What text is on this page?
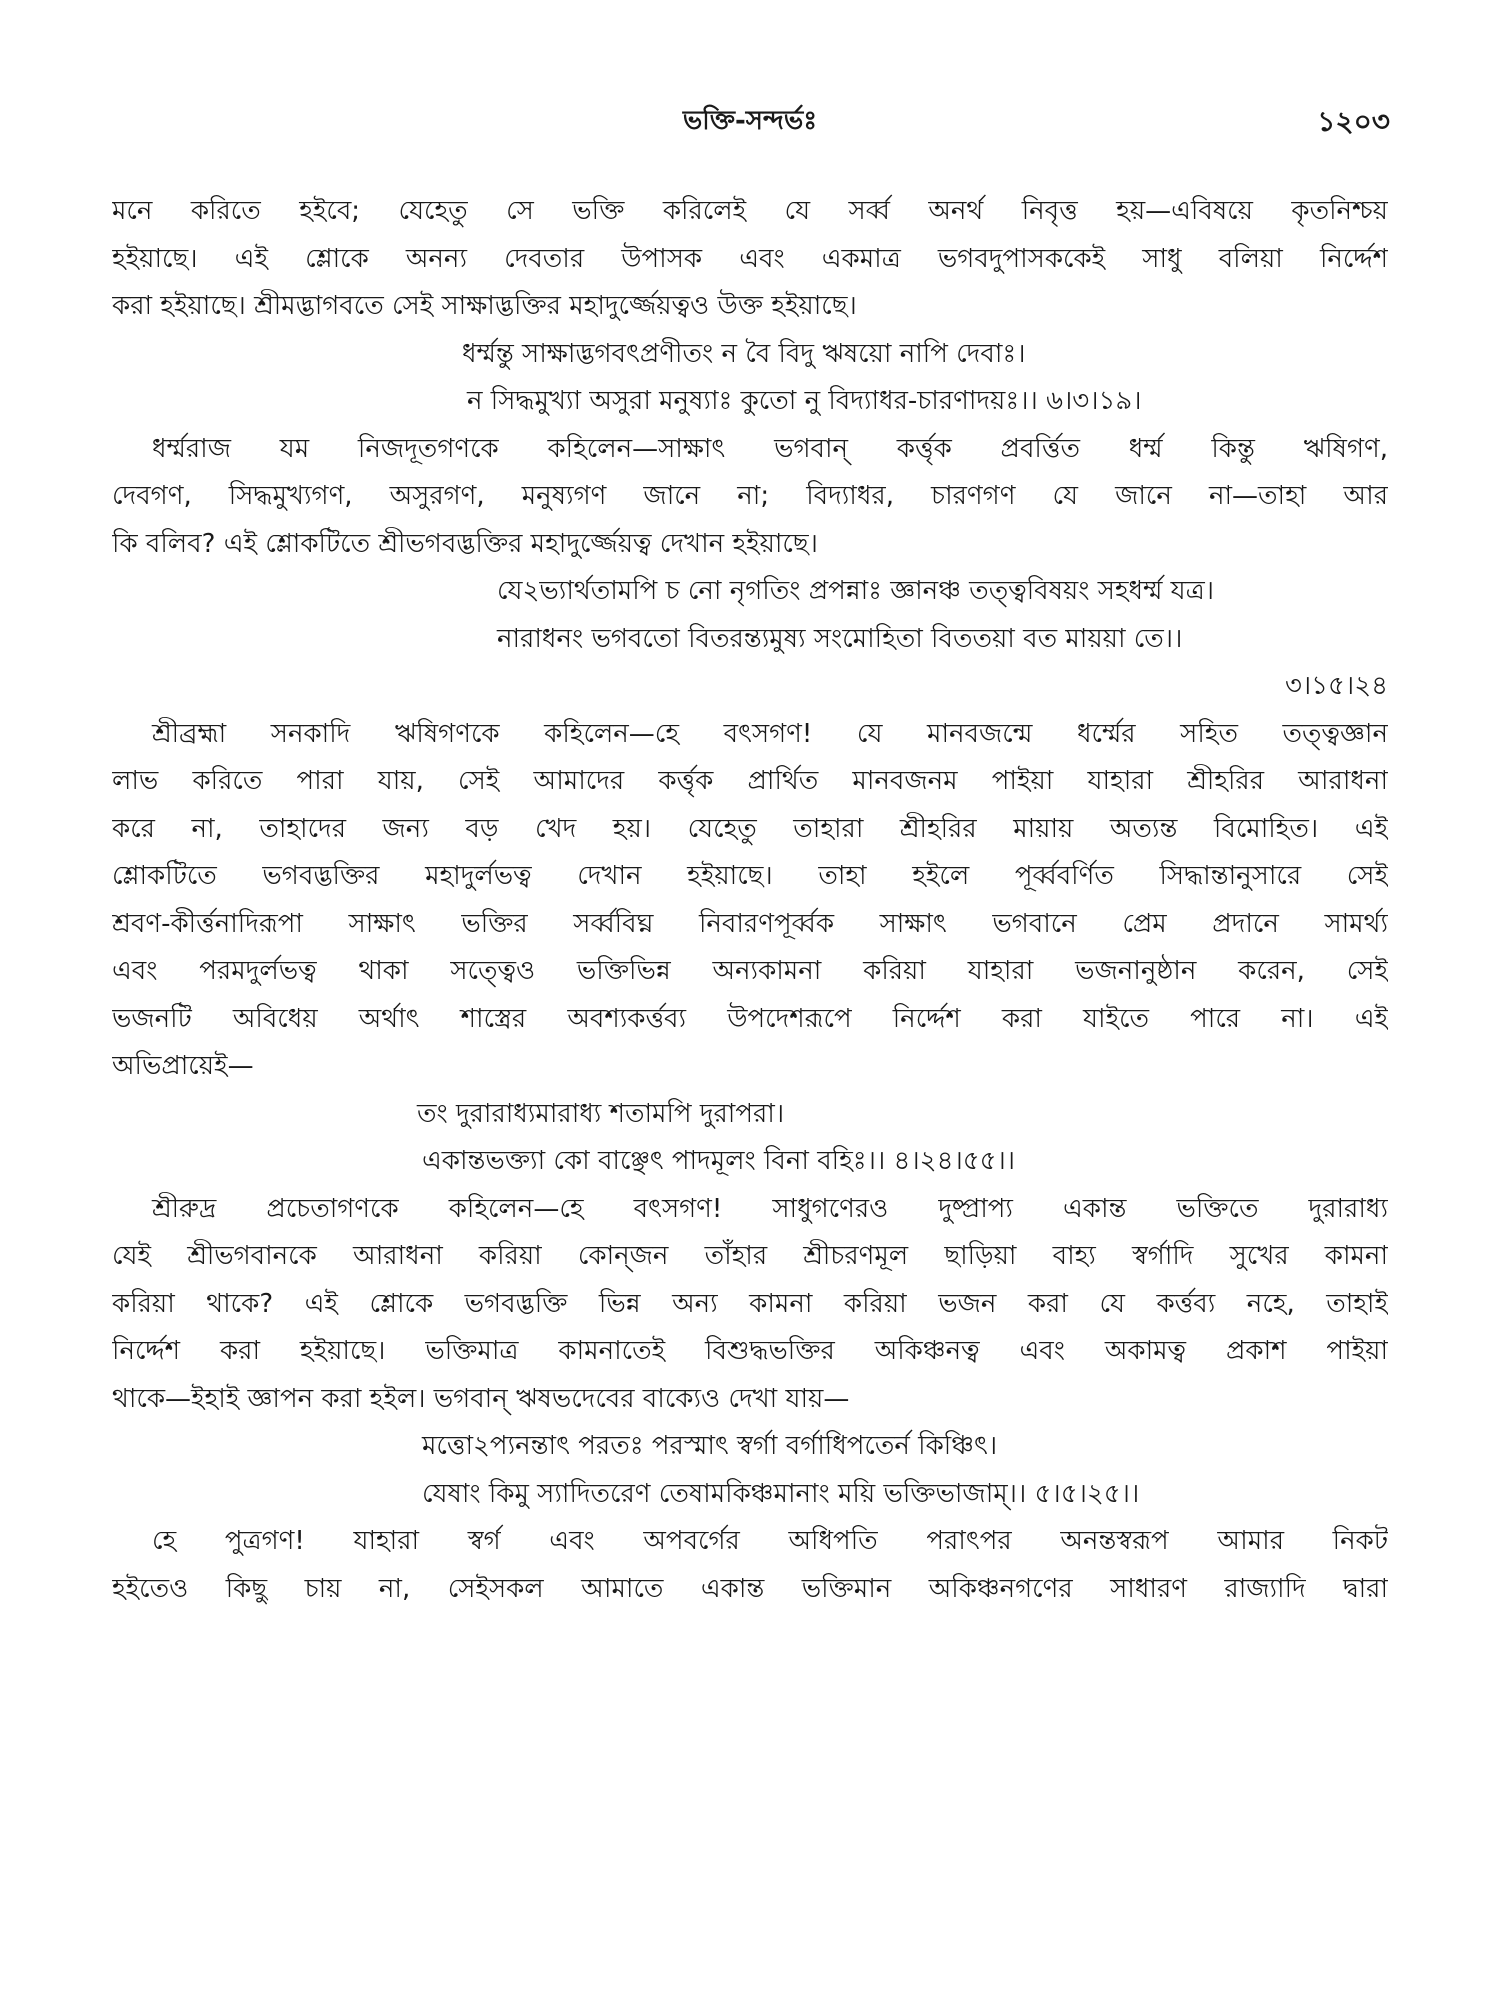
ভক্তি-সন্দর্ভঃ	১২০৩
মনে করিতে হইবে; যেহেতু সে ভক্তি করিলেই যে সর্ব্ব অনর্থ নিবৃত্ত হয়—এবিষয়ে কৃতনিশ্চয়
হইয়াছে। এই শ্লোকে অনন্য দেবতার উপাসক এবং একমাত্র ভগবদুপাসককেই সাধু বলিয়া নির্দ্দেশ
করা হইয়াছে। শ্রীমদ্ভাগবতে সেই সাক্ষাদ্ভক্তির মহাদুর্জ্জেয়ত্বও উক্ত হইয়াছে।
ধর্ম্মন্তু সাক্ষাদ্ভগবৎপ্রণীতং ন বৈ বিদু ঋষয়ো নাপি দেবাঃ।
ন সিদ্ধমুখ্যা অসুরা মনুষ্যাঃ কুতো নু বিদ্যাধর-চারণাদয়ঃ।। ৬।৩।১৯।
ধর্ম্মরাজ যম নিজদূতগণকে কহিলেন—সাক্ষাৎ ভগবান্ কর্ত্তৃক প্রবর্ত্তিত ধর্ম্ম কিন্তু ঋষিগণ,
দেবগণ, সিদ্ধমুখ্যগণ, অসুরগণ, মনুষ্যগণ জানে না; বিদ্যাধর, চারণগণ যে জানে না—তাহা আর
কি বলিব? এই শ্লোকটিতে শ্রীভগবদ্ভক্তির মহাদুর্জ্জেয়ত্ব দেখান হইয়াছে।
যে২ভ্যার্থতামপি চ নো নৃগতিং প্রপন্নাঃ জ্ঞানঞ্চ তত্ত্ববিষয়ং সহধর্ম্ম যত্র।
নারাধনং ভগবতো বিতরন্ত্যমুষ্য সংমোহিতা বিততয়া বত মায়য়া তে।।
৩।১৫।২৪
শ্রীব্রহ্মা সনকাদি ঋষিগণকে কহিলেন—হে বৎসগণ! যে মানবজন্মে ধর্ম্মের সহিত তত্ত্বজ্ঞান
লাভ করিতে পারা যায়, সেই আমাদের কর্ত্তৃক প্রার্থিত মানবজনম পাইয়া যাহারা শ্রীহরির আরাধনা
করে না, তাহাদের জন্য বড় খেদ হয়। যেহেতু তাহারা শ্রীহরির মায়ায় অত্যন্ত বিমোহিত। এই
শ্লোকটিতে ভগবদ্ভক্তির মহাদুর্লভত্ব দেখান হইয়াছে। তাহা হইলে পূর্ব্ববর্ণিত সিদ্ধান্তানুসারে সেই
শ্রবণ-কীর্ত্তনাদিরূপা সাক্ষাৎ ভক্তির সর্ব্ববিঘ্ন নিবারণপূর্ব্বক সাক্ষাৎ ভগবানে প্রেম প্রদানে সামর্থ্য
এবং পরমদুর্লভত্ব থাকা সত্ত্বেও ভক্তিভিন্ন অন্যকামনা করিয়া যাহারা ভজনানুষ্ঠান করেন, সেই
ভজনটি অবিধেয় অর্থাৎ শাস্ত্রের অবশ্যকর্ত্তব্য উপদেশরূপে নির্দ্দেশ করা যাইতে পারে না। এই
অভিপ্রায়েই—
তং দুরারাধ্যমারাধ্য শতামপি দুরাপরা।
একান্তভক্ত্যা কো বাঞ্ছেৎ পাদমূলং বিনা বহিঃ।। ৪।২৪।৫৫।।
শ্রীরুদ্র প্রচেতাগণকে কহিলেন—হে বৎসগণ! সাধুগণেরও দুষ্প্রাপ্য একান্ত ভক্তিতে দুরারাধ্য
যেই শ্রীভগবানকে আরাধনা করিয়া কোন্‌জন তাঁহার শ্রীচরণমূল ছাড়িয়া বাহ্য স্বর্গাদি সুখের কামনা
করিয়া থাকে? এই শ্লোকে ভগবদ্ভক্তি ভিন্ন অন্য কামনা করিয়া ভজন করা যে কর্ত্তব্য নহে, তাহাই
নির্দ্দেশ করা হইয়াছে। ভক্তিমাত্র কামনাতেই বিশুদ্ধভক্তির অকিঞ্চনত্ব এবং অকামত্ব প্রকাশ পাইয়া
থাকে—ইহাই জ্ঞাপন করা হইল। ভগবান্ ঋষভদেবের বাক্যেও দেখা যায়—
মত্তো২প্যনন্তাৎ পরতঃ পরস্মাৎ স্বর্গা বর্গাধিপতের্ন কিঞ্চিৎ।
যেষাং কিমু স্যাদিতরেণ তেষামকিঞ্চমানাং ময়ি ভক্তিভাজাম্।। ৫।৫।২৫।।
হে পুত্রগণ! যাহারা স্বর্গ এবং অপবর্গের অধিপতি পরাৎপর অনন্তস্বরূপ আমার নিকট
হইতেও কিছু চায় না, সেইসকল আমাতে একান্ত ভক্তিমান অকিঞ্চনগণের সাধারণ রাজ্যাদি দ্বারা
